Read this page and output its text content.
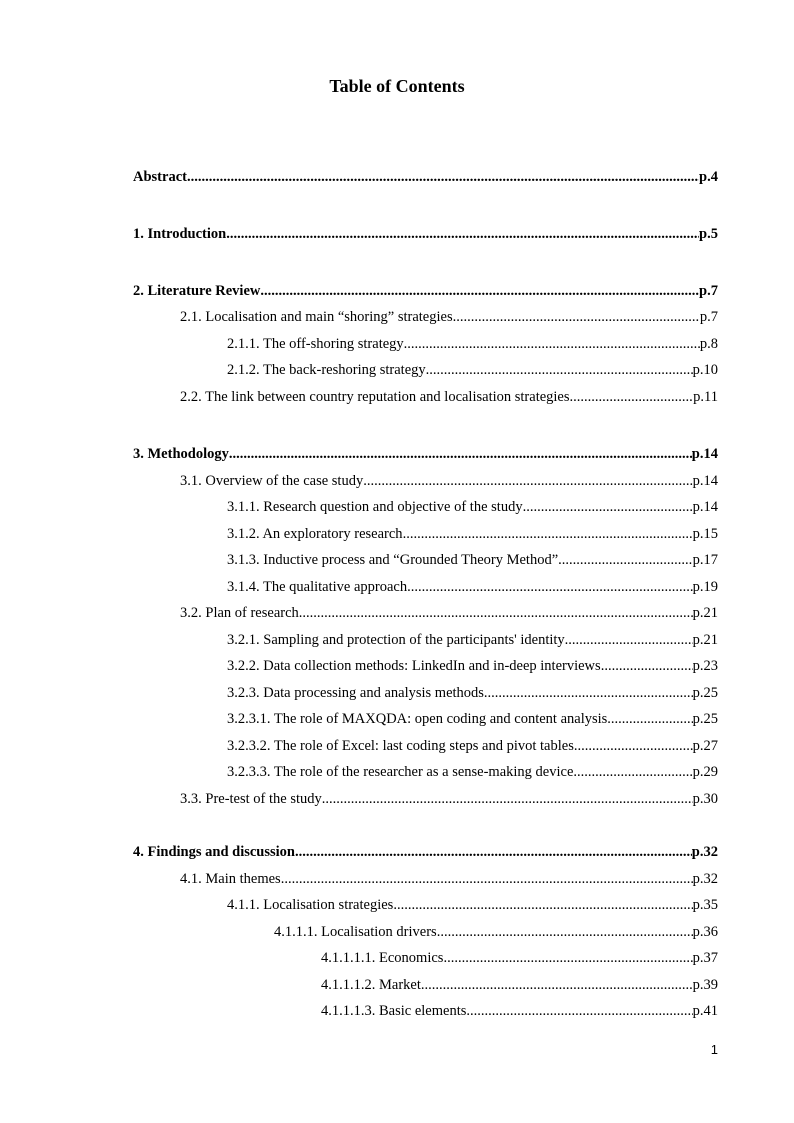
Table of Contents
Abstract .....	p.4
1. Introduction .....	p.5
2. Literature Review .....	p.7
2.1. Localisation and main “shoring” strategies .....	p.7
2.1.1. The off-shoring strategy .....	p.8
2.1.2. The back-reshoring strategy .....	p.10
2.2. The link between country reputation and localisation strategies .....	p.11
3. Methodology .....	p.14
3.1. Overview of the case study .....	p.14
3.1.1. Research question and objective of the study .....	p.14
3.1.2. An exploratory research .....	p.15
3.1.3. Inductive process and “Grounded Theory Method” .....	p.17
3.1.4. The qualitative approach .....	p.19
3.2. Plan of research .....	p.21
3.2.1. Sampling and protection of the participants' identity .....	p.21
3.2.2. Data collection methods: LinkedIn and in-deep interviews .....	p.23
3.2.3. Data processing and analysis methods .....	p.25
3.2.3.1. The role of MAXQDA: open coding and content analysis .....	p.25
3.2.3.2. The role of Excel: last coding steps and pivot tables .....	p.27
3.2.3.3. The role of the researcher as a sense-making device .....	p.29
3.3. Pre-test of the study .....	p.30
4. Findings and discussion .....	p.32
4.1. Main themes .....	p.32
4.1.1. Localisation strategies .....	p.35
4.1.1.1. Localisation drivers .....	p.36
4.1.1.1.1. Economics .....	p.37
4.1.1.1.2. Market .....	p.39
4.1.1.1.3. Basic elements .....	p.41
1
